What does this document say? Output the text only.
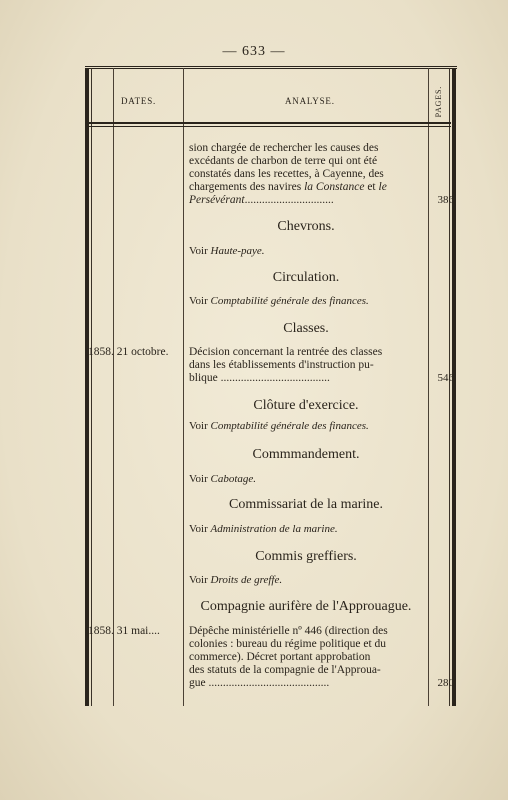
— 633 —
DATES.	ANALYSE.	PAGES.
sion chargée de rechercher les causes des
excédants de charbon de terre qui ont été
constatés dans les recettes, à Cayenne, des
chargements des navires la Constance et le
Persévérant...............................	386
Chevrons.
Voir Haute-paye.
Circulation.
Voir Comptabilité générale des finances.
Classes.
1858. 21 octobre.	Décision concernant la rentrée des classes
dans les établissements d'instruction pu-
blique ......................................	546
Clôture d'exercice.
Voir Comptabilité générale des finances.
Commmandement.
Voir Cabotage.
Commissariat de la marine.
Voir Administration de la marine.
Commis greffiers.
Voir Droits de greffe.
Compagnie aurifère de l'Approuague.
1858. 31 mai....	Dépêche ministérielle nº 446 (direction des
colonies : bureau du régime politique et du
commerce). Décret portant approbation
des statuts de la compagnie de l'Approua-
gue ..........................................	280
